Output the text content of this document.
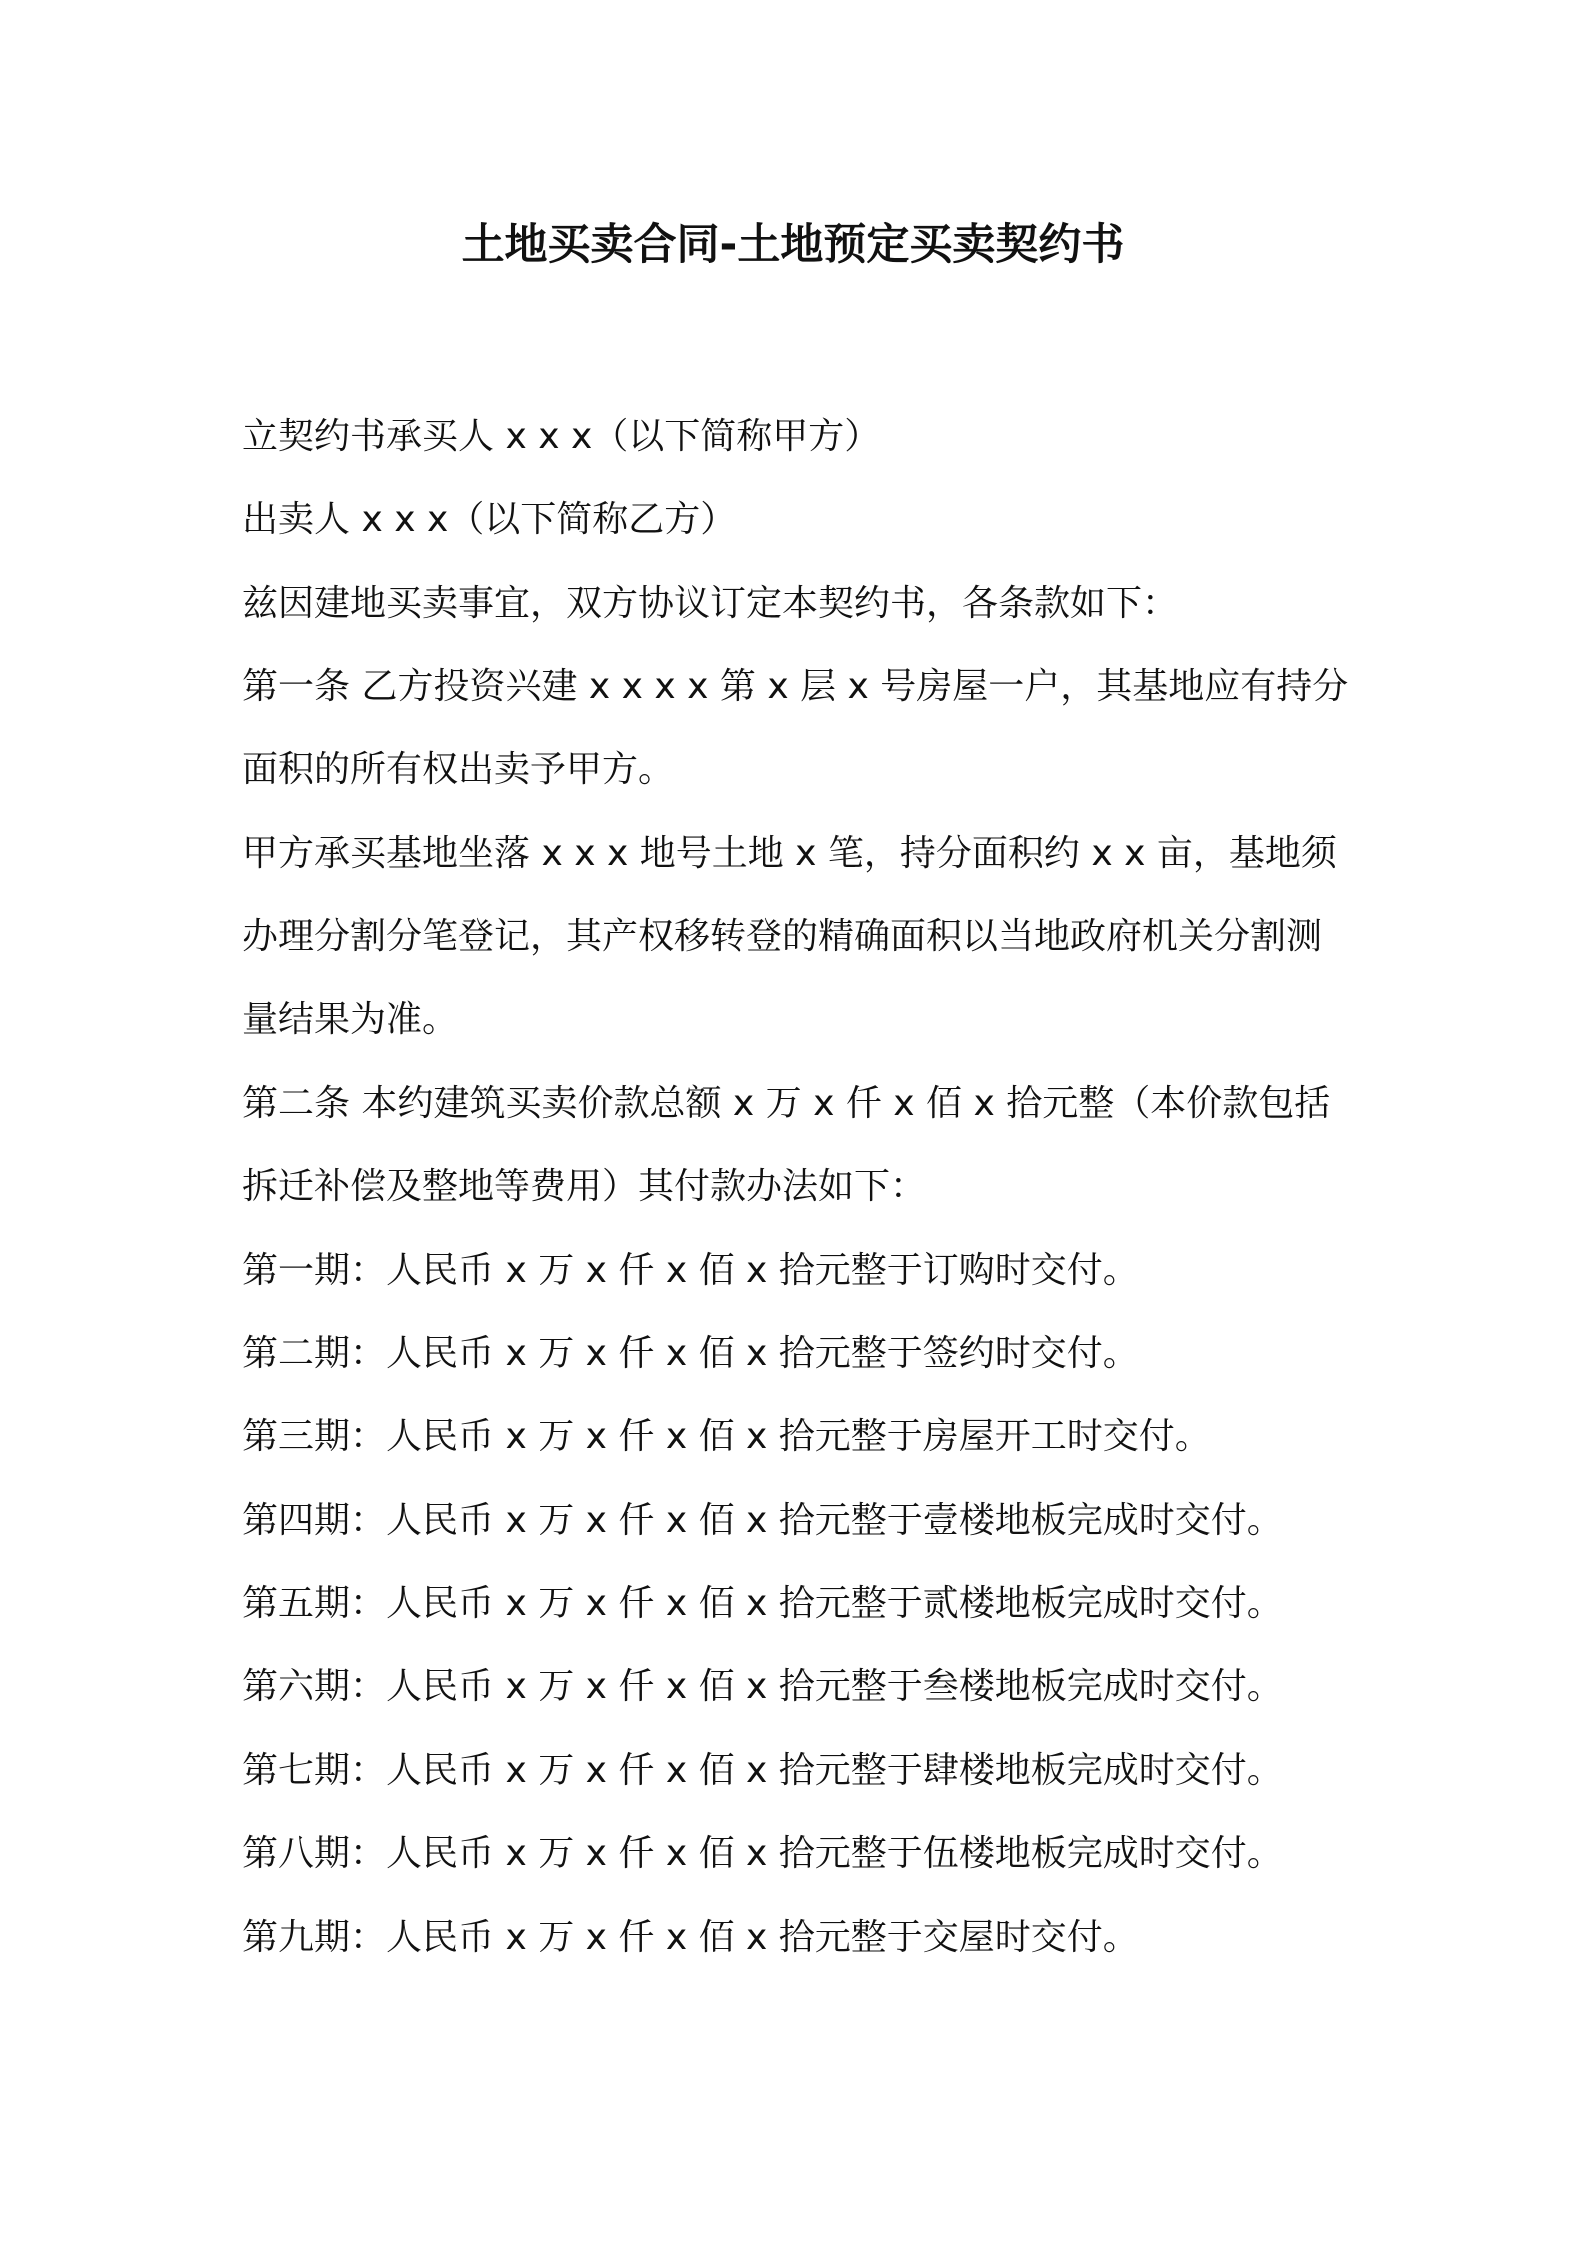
土地买卖合同-土地预定买卖契约书
立契约书承买人 x x x（以下简称甲方）
出卖人 x x x（以下简称乙方）
兹因建地买卖事宜，双方协议订定本契约书，各条款如下：
第一条 乙方投资兴建 x x x x 第 x 层 x 号房屋一户，其基地应有持分
面积的所有权出卖予甲方。
甲方承买基地坐落 x x x 地号土地 x 笔，持分面积约 x x 亩，基地须
办理分割分笔登记，其产权移转登的精确面积以当地政府机关分割测
量结果为准。
第二条 本约建筑买卖价款总额 x 万 x 仟 x 佰 x 拾元整（本价款包括
拆迁补偿及整地等费用）其付款办法如下：
第一期：人民币 x 万 x 仟 x 佰 x 拾元整于订购时交付。
第二期：人民币 x 万 x 仟 x 佰 x 拾元整于签约时交付。
第三期：人民币 x 万 x 仟 x 佰 x 拾元整于房屋开工时交付。
第四期：人民币 x 万 x 仟 x 佰 x 拾元整于壹楼地板完成时交付。
第五期：人民币 x 万 x 仟 x 佰 x 拾元整于贰楼地板完成时交付。
第六期：人民币 x 万 x 仟 x 佰 x 拾元整于叁楼地板完成时交付。
第七期：人民币 x 万 x 仟 x 佰 x 拾元整于肆楼地板完成时交付。
第八期：人民币 x 万 x 仟 x 佰 x 拾元整于伍楼地板完成时交付。
第九期：人民币 x 万 x 仟 x 佰 x 拾元整于交屋时交付。
